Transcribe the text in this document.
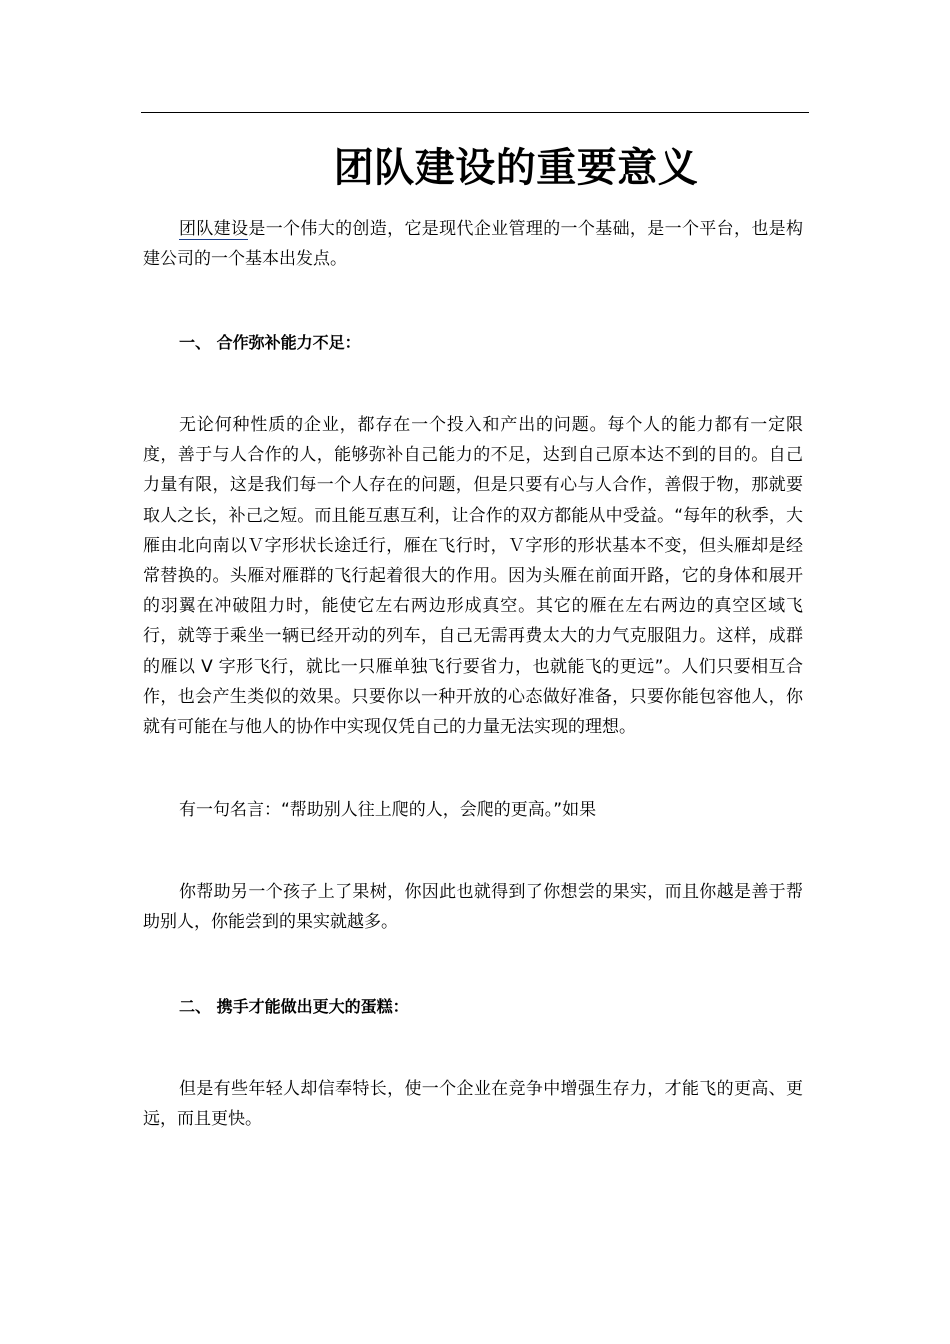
团队建设的重要意义

团队建设是一个伟大的创造，它是现代企业管理的一个基础，是一个平台，也是构建公司的一个基本出发点。

一、 合作弥补能力不足：

无论何种性质的企业，都存在一个投入和产出的问题。每个人的能力都有一定限度，善于与人合作的人，能够弥补自己能力的不足，达到自己原本达不到的目的。自己力量有限，这是我们每一个人存在的问题，但是只要有心与人合作，善假于物，那就要取人之长，补己之短。而且能互惠互利，让合作的双方都能从中受益。“每年的秋季，大雁由北向南以Ｖ字形状长途迁行，雁在飞行时，Ｖ字形的形状基本不变，但头雁却是经常替换的。头雁对雁群的飞行起着很大的作用。因为头雁在前面开路，它的身体和展开的羽翼在冲破阻力时，能使它左右两边形成真空。其它的雁在左右两边的真空区域飞行，就等于乘坐一辆已经开动的列车，自己无需再费太大的力气克服阻力。这样，成群的雁以 V 字形飞行，就比一只雁单独飞行要省力，也就能飞的更远”。人们只要相互合作，也会产生类似的效果。只要你以一种开放的心态做好准备，只要你能包容他人，你就有可能在与他人的协作中实现仅凭自己的力量无法实现的理想。

有一句名言：“帮助别人往上爬的人，会爬的更高。”如果

你帮助另一个孩子上了果树，你因此也就得到了你想尝的果实，而且你越是善于帮助别人，你能尝到的果实就越多。

二、 携手才能做出更大的蛋糕：

但是有些年轻人却信奉特长，使一个企业在竞争中增强生存力，才能飞的更高、更远，而且更快。
